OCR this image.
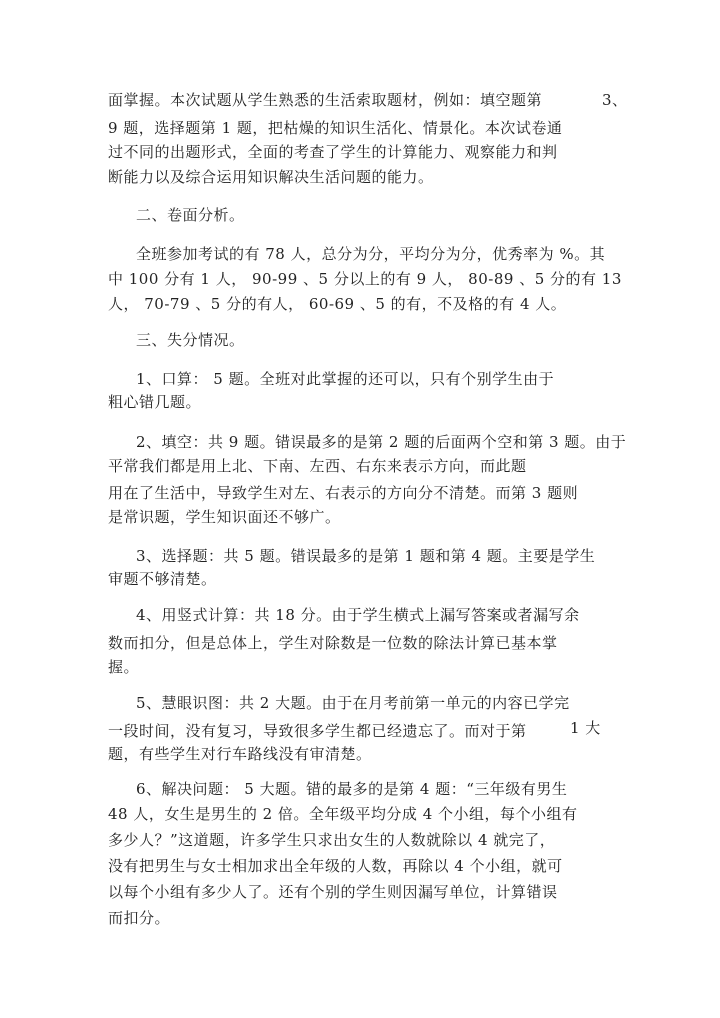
面掌握。本次试题从学生熟悉的生活索取题材，例如：填空题第	3、
9 题，选择题第 1 题，把枯燥的知识生活化、情景化。本次试卷通
过不同的出题形式，全面的考查了学生的计算能力、观察能力和判
断能力以及综合运用知识解决生活问题的能力。
二、卷面分析。
全班参加考试的有 78 人，总分为分，平均分为分，优秀率为 %。其
中 100 分有 1 人， 90-99 、5 分以上的有 9 人， 80-89 、5 分的有 13
人， 70-79 、5 分的有人， 60-69 、5 的有，不及格的有 4 人。
三、失分情况。
1、口算： 5 题。全班对此掌握的还可以，只有个别学生由于
粗心错几题。
2、填空：共 9 题。错误最多的是第 2 题的后面两个空和第 3 题。由于
平常我们都是用上北、下南、左西、右东来表示方向，而此题
用在了生活中，导致学生对左、右表示的方向分不清楚。而第 3 题则
是常识题，学生知识面还不够广。
3、选择题：共 5 题。错误最多的是第 1 题和第 4 题。主要是学生
审题不够清楚。
4、用竖式计算：共 18 分。由于学生横式上漏写答案或者漏写余
数而扣分，但是总体上，学生对除数是一位数的除法计算已基本掌
握。
5、慧眼识图：共 2 大题。由于在月考前第一单元的内容已学完
一段时间，没有复习，导致很多学生都已经遗忘了。而对于第	1 大
题，有些学生对行车路线没有审清楚。
6、解决问题： 5 大题。错的最多的是第 4 题：“三年级有男生
48 人，女生是男生的 2 倍。全年级平均分成 4 个小组，每个小组有
多少人？”这道题，许多学生只求出女生的人数就除以 4 就完了，
没有把男生与女士相加求出全年级的人数，再除以 4 个小组，就可
以每个小组有多少人了。还有个别的学生则因漏写单位，计算错误
而扣分。
